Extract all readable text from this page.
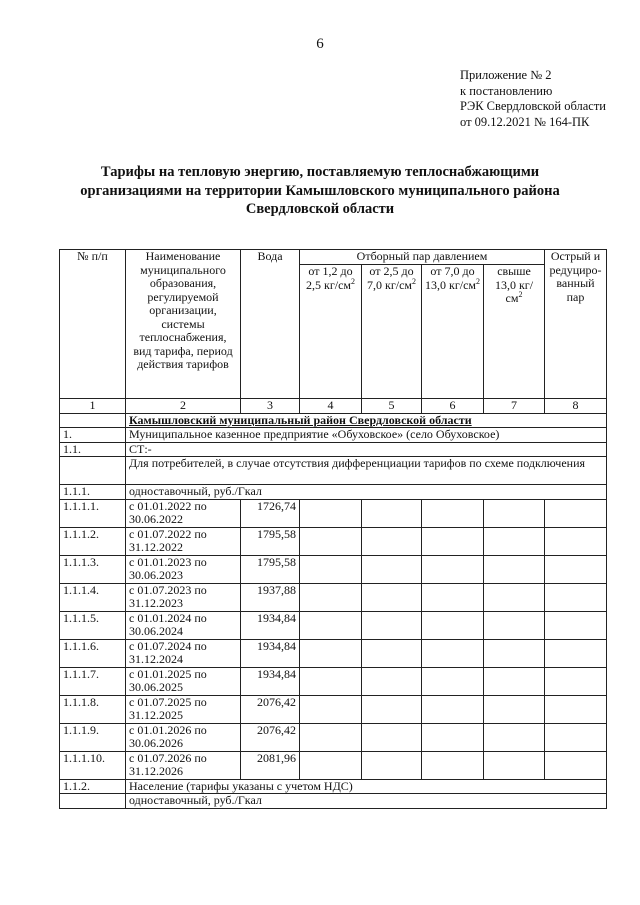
6
Приложение № 2
к постановлению
РЭК Свердловской области
от 09.12.2021 № 164-ПК
Тарифы на тепловую энергию, поставляемую теплоснабжающими
организациями на территории Камышловского муниципального района
Свердловской области
№ п/п	Наименование муниципального образования, регулируемой организации, системы теплоснабжения, вид тарифа, период действия тарифов	Вода	Отборный пар давлением				Острый и редуциро-ванный пар
			от 1,2 до 2,5 $кг/см^2$	от 2,5 до 7,0 $кг/см^2$	от 7,0 до 13,0 $кг/см^2$	свыше 13,0 $кг/см^2$
1	2	3	4	5	6	7	8
	Камышловский муниципальный район Свердловской области						
1.	Муниципальное казенное предприятие «Обуховское» (село Обуховское)						
1.1.	СТ:-						
	Для потребителей, в случае отсутствия дифференциации тарифов по схеме подключения						
1.1.1.	одноставочный, руб./Гкал						
1.1.1.1.	с 01.01.2022 по 30.06.2022	1726,74					
1.1.1.2.	с 01.07.2022 по 31.12.2022	1795,58					
1.1.1.3.	с 01.01.2023 по 30.06.2023	1795,58					
1.1.1.4.	с 01.07.2023 по 31.12.2023	1937,88					
1.1.1.5.	с 01.01.2024 по 30.06.2024	1934,84					
1.1.1.6.	с 01.07.2024 по 31.12.2024	1934,84					
1.1.1.7.	с 01.01.2025 по 30.06.2025	1934,84					
1.1.1.8.	с 01.07.2025 по 31.12.2025	2076,42					
1.1.1.9.	с 01.01.2026 по 30.06.2026	2076,42					
1.1.1.10.	с 01.07.2026 по 31.12.2026	2081,96					
1.1.2.	Население (тарифы указаны с учетом НДС)						
	одноставочный, руб./Гкал						
